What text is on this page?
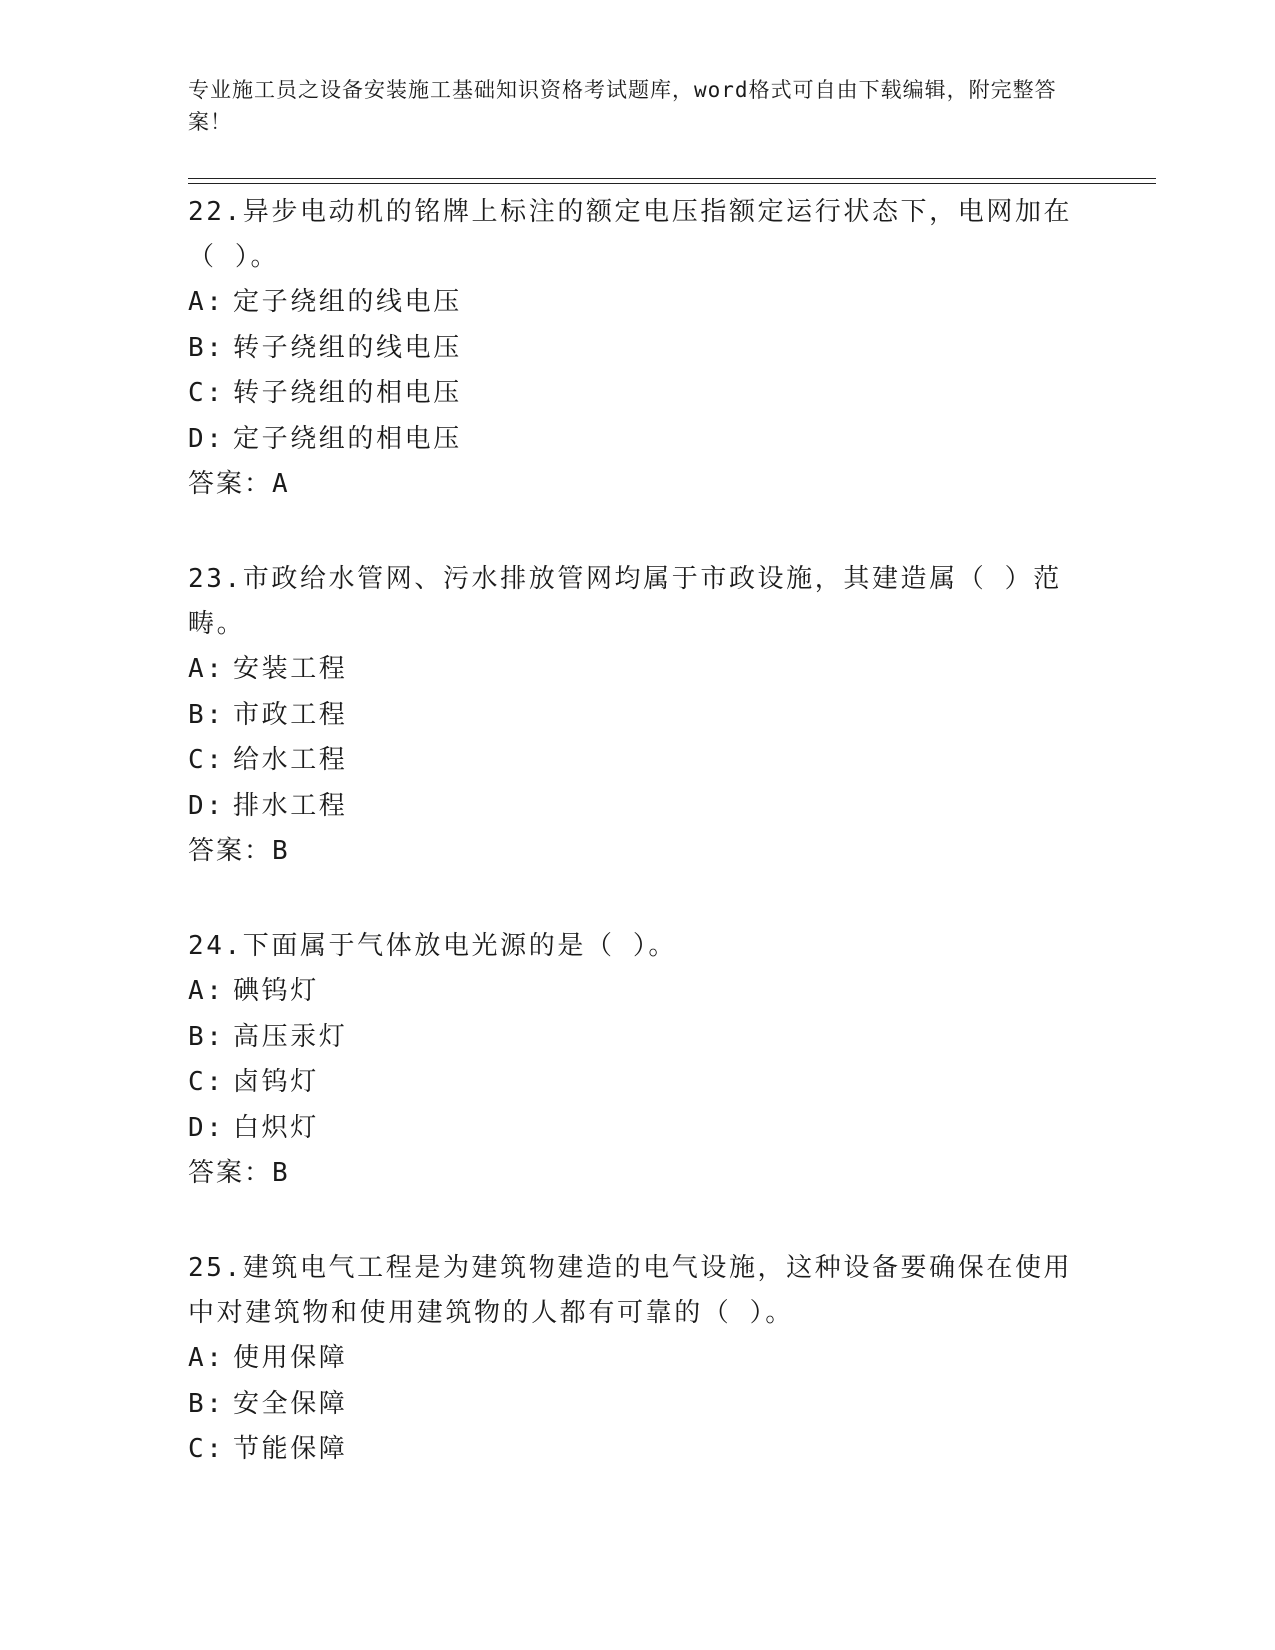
专业施工员之设备安装施工基础知识资格考试题库，word格式可自由下载编辑，附完整答案！

22.异步电动机的铭牌上标注的额定电压指额定运行状态下，电网加在（ ）。

A: 定子绕组的线电压
B: 转子绕组的线电压
C: 转子绕组的相电压
D: 定子绕组的相电压
答案：A

23.市政给水管网、污水排放管网均属于市政设施，其建造属（ ）范畴。

A: 安装工程
B: 市政工程
C: 给水工程
D: 排水工程
答案：B

24.下面属于气体放电光源的是（ ）。

A: 碘钨灯
B: 高压汞灯
C: 卤钨灯
D: 白炽灯
答案：B

25.建筑电气工程是为建筑物建造的电气设施，这种设备要确保在使用中对建筑物和使用建筑物的人都有可靠的（ ）。

A: 使用保障
B: 安全保障
C: 节能保障
